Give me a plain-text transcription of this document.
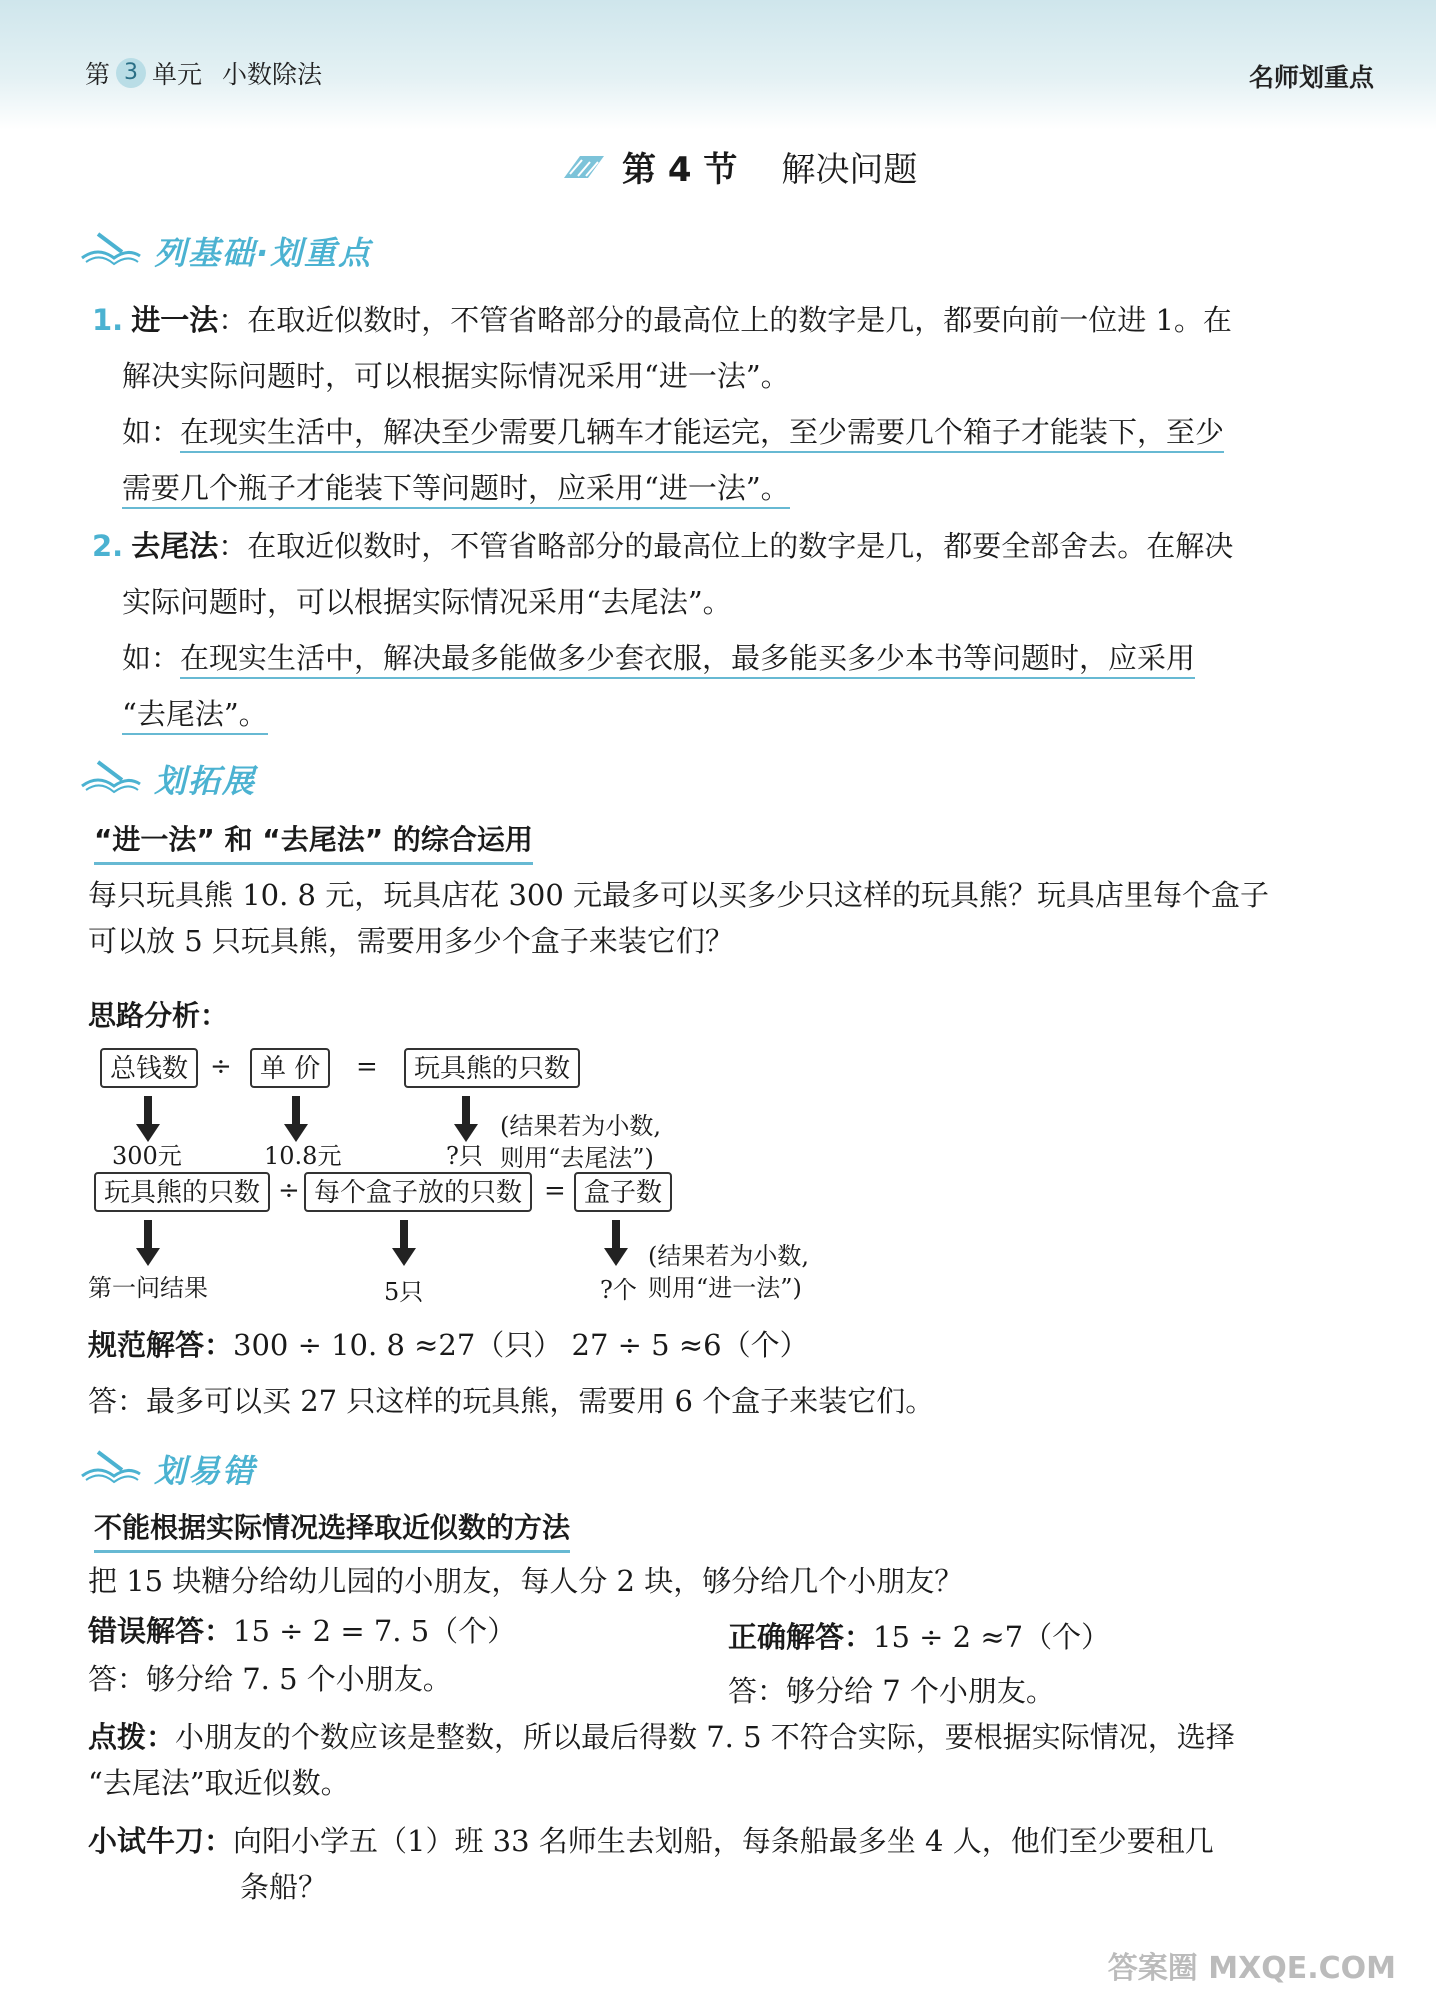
第 3 单元 小数除法	名师划重点
第 4 节 解决问题
列基础·划重点
1. 进一法：在取近似数时，不管省略部分的最高位上的数字是几，都要向前一位进 1。在
解决实际问题时，可以根据实际情况采用“进一法”。
如：在现实生活中，解决至少需要几辆车才能运完，至少需要几个箱子才能装下，至少
需要几个瓶子才能装下等问题时，应采用“进一法”。
2. 去尾法：在取近似数时，不管省略部分的最高位上的数字是几，都要全部舍去。在解决
实际问题时，可以根据实际情况采用“去尾法”。
如：在现实生活中，解决最多能做多少套衣服，最多能买多少本书等问题时，应采用
“去尾法”。
划拓展
“进一法” 和 “去尾法” 的综合运用
每只玩具熊 10. 8 元，玩具店花 300 元最多可以买多少只这样的玩具熊？玩具店里每个盒子
可以放 5 只玩具熊，需要用多少个盒子来装它们？
思路分析：
总钱数 ÷	单 价	=	玩具熊的只数
300元	10.8元	?只
(结果若为小数,
则用“去尾法”)
玩具熊的只数 ÷ 每个盒子放的只数 = 盒子数
第一问结果	5只	?个
(结果若为小数,
则用“进一法”)
规范解答：300 ÷ 10. 8 ≈27（只） 27 ÷ 5 ≈6（个）
答：最多可以买 27 只这样的玩具熊，需要用 6 个盒子来装它们。
划易错
不能根据实际情况选择取近似数的方法
把 15 块糖分给幼儿园的小朋友，每人分 2 块，够分给几个小朋友？
错误解答：15 ÷ 2 = 7. 5（个）
答：够分给 7. 5 个小朋友。
正确解答：15 ÷ 2 ≈7（个）
答：够分给 7 个小朋友。
点拨：小朋友的个数应该是整数，所以最后得数 7. 5 不符合实际，要根据实际情况，选择
“去尾法”取近似数。
小试牛刀：向阳小学五（1）班 33 名师生去划船，每条船最多坐 4 人，他们至少要租几
条船？
答案圈 MXQE.COM
